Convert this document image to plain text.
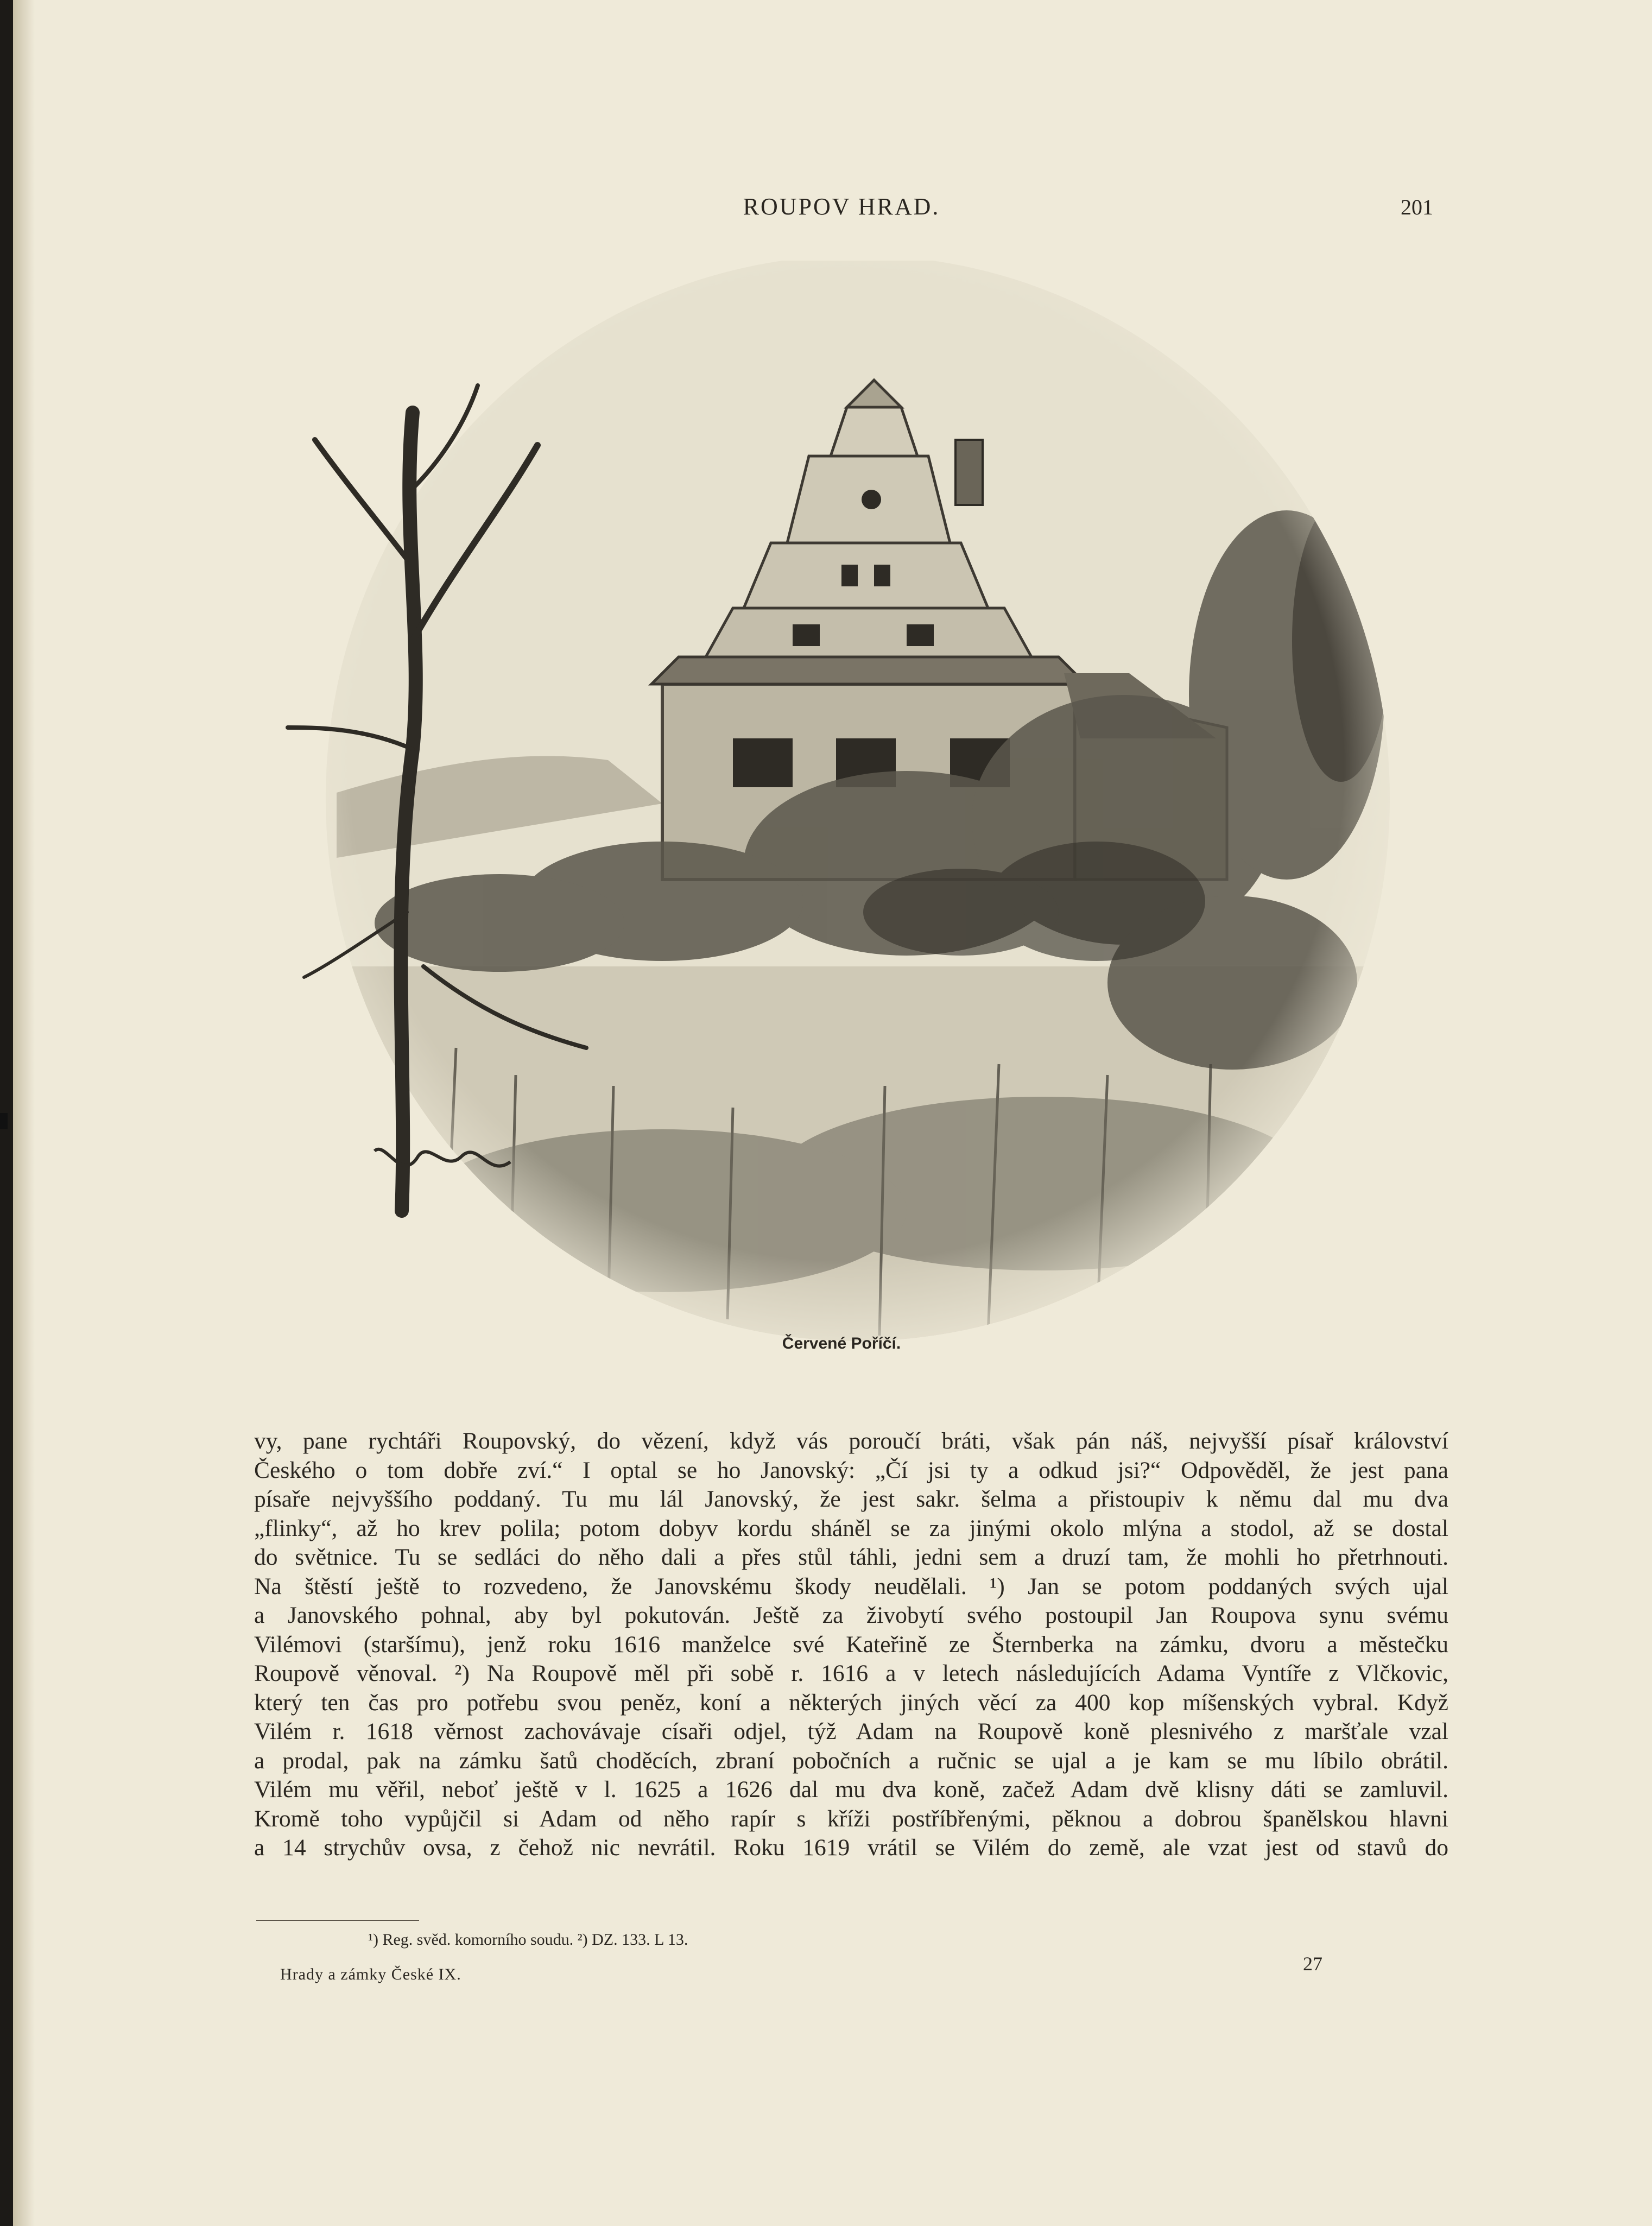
ROUPOV HRAD.	201
Červené Poříčí.
vy, pane rychtáři Roupovský, do vězení, když vás poroučí bráti, však pán náš, nejvyšší písař království
Českého o tom dobře zví.“ I optal se ho Janovský: „Čí jsi ty a odkud jsi?“ Odpověděl, že jest pana
písaře nejvyššího poddaný. Tu mu lál Janovský, že jest sakr. šelma a přistoupiv k němu dal mu dva
„flinky“, až ho krev polila; potom dobyv kordu sháněl se za jinými okolo mlýna a stodol, až se dostal
do světnice. Tu se sedláci do něho dali a přes stůl táhli, jedni sem a druzí tam, že mohli ho přetrhnouti.
Na štěstí ještě to rozvedeno, že Janovskému škody neudělali. ¹) Jan se potom poddaných svých ujal
a Janovského pohnal, aby byl pokutován. Ještě za živobytí svého postoupil Jan Roupova synu svému
Vilémovi (staršímu), jenž roku 1616 manželce své Kateřině ze Šternberka na zámku, dvoru a městečku
Roupově věnoval. ²) Na Roupově měl při sobě r. 1616 a v letech následujících Adama Vyntíře z Vlčkovic,
který ten čas pro potřebu svou peněz, koní a některých jiných věcí za 400 kop míšenských vybral. Když
Vilém r. 1618 věrnost zachovávaje císaři odjel, týž Adam na Roupově koně plesnivého z maršťale vzal
a prodal, pak na zámku šatů choděcích, zbraní pobočních a ručnic se ujal a je kam se mu líbilo obrátil.
Vilém mu věřil, neboť ještě v l. 1625 a 1626 dal mu dva koně, začež Adam dvě klisny dáti se zamluvil.
Kromě toho vypůjčil si Adam od něho rapír s kříži postříbřenými, pěknou a dobrou španělskou hlavni
a 14 strychův ovsa, z čehož nic nevrátil. Roku 1619 vrátil se Vilém do země, ale vzat jest od stavů do
¹) Reg. svěd. komorního soudu. ²) DZ. 133. L 13.
Hrady a zámky České IX.	27
